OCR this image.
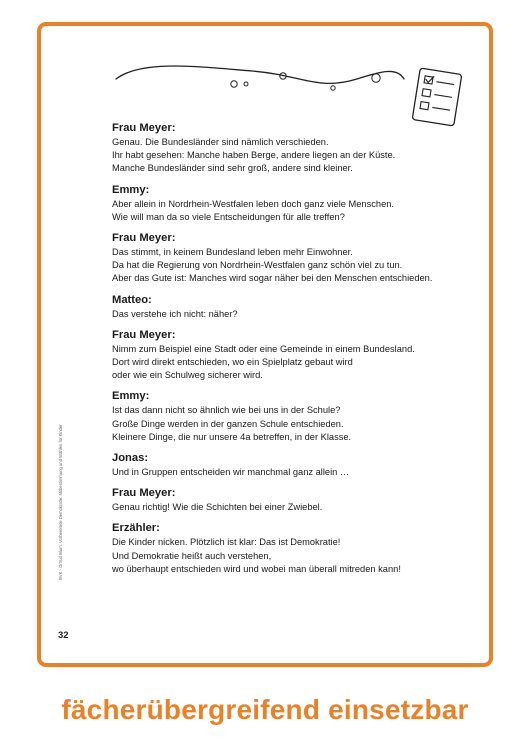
Frau Meyer:
Genau. Die Bundesländer sind nämlich verschieden.
Ihr habt gesehen: Manche haben Berge, andere liegen an der Küste.
Manche Bundesländer sind sehr groß, andere sind kleiner.
Emmy:
Aber allein in Nordrhein-Westfalen leben doch ganz viele Menschen.
Wie will man da so viele Entscheidungen für alle treffen?
Frau Meyer:
Das stimmt, in keinem Bundesland leben mehr Einwohner.
Da hat die Regierung von Nordrhein-Westfalen ganz schön viel zu tun.
Aber das Gute ist: Manches wird sogar näher bei den Menschen entschieden.
Matteo:
Das verstehe ich nicht: näher?
Frau Meyer:
Nimm zum Beispiel eine Stadt oder eine Gemeinde in einem Bundesland.
Dort wird direkt entschieden, wo ein Spielplatz gebaut wird
oder wie ein Schulweg sicherer wird.
Emmy:
Ist das dann nicht so ähnlich wie bei uns in der Schule?
Große Dinge werden in der ganzen Schule entschieden.
Kleinere Dinge, die nur unsere 4a betreffen, in der Klasse.
Jonas:
Und in Gruppen entscheiden wir manchmal ganz allein …
Frau Meyer:
Genau richtig! Wie die Schichten bei einer Zwiebel.
Erzähler:
Die Kinder nicken. Plötzlich ist klar: Das ist Demokratie!
Und Demokratie heißt auch verstehen,
wo überhaupt entschieden wird und wobei man überall mitreden kann!
BVK · Ortrud Blum: Vorbereitete Demokratie: Mitbestimmung und Wählen für Kinder
32
fächerübergreifend einsetzbar
